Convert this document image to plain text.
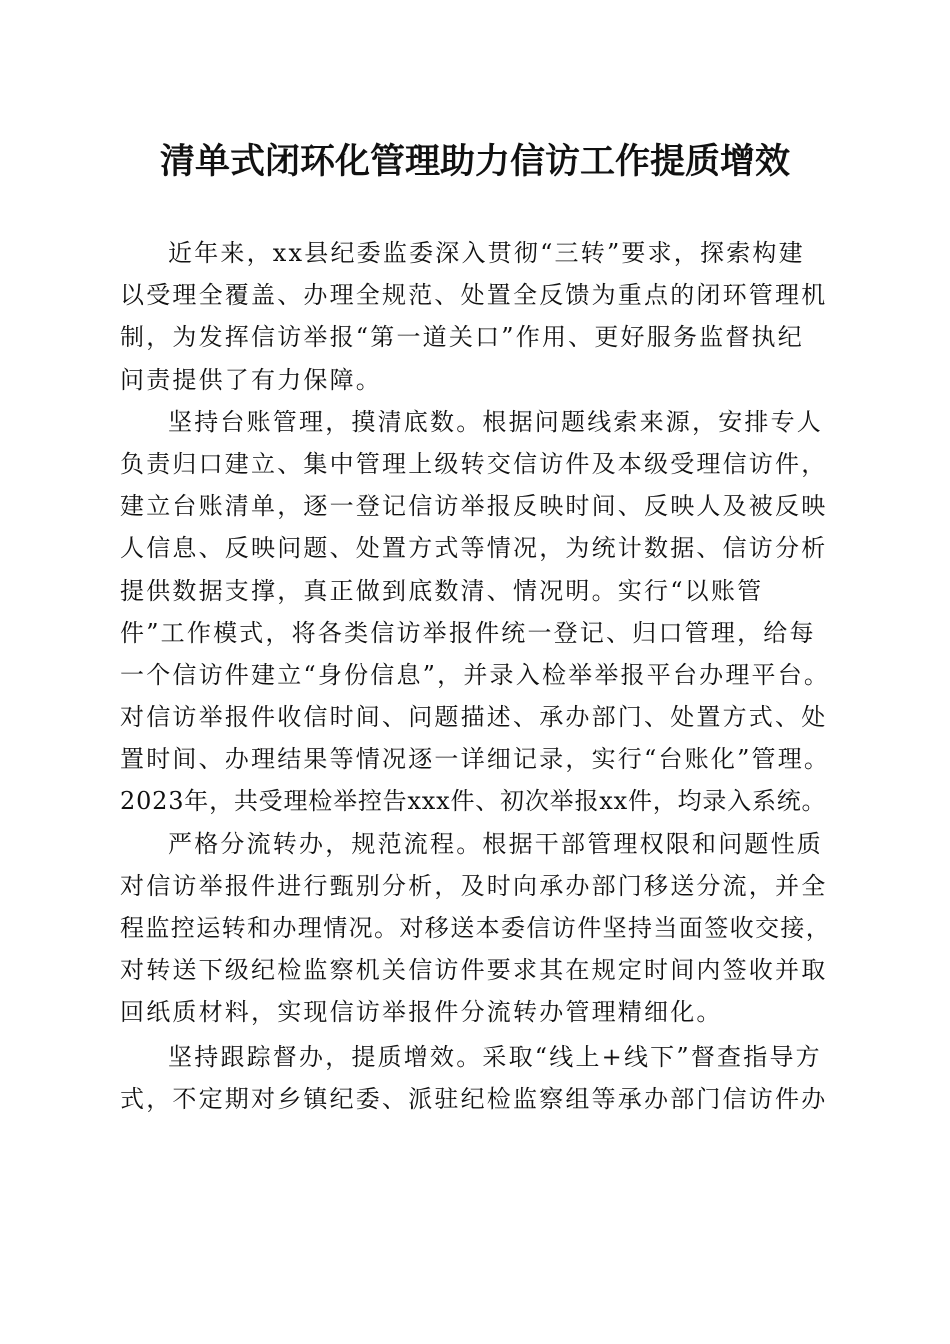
清单式闭环化管理助力信访工作提质增效
近年来，xx县纪委监委深入贯彻“三转”要求，探索构建
以受理全覆盖、办理全规范、处置全反馈为重点的闭环管理机
制，为发挥信访举报“第一道关口”作用、更好服务监督执纪
问责提供了有力保障。
坚持台账管理，摸清底数。根据问题线索来源，安排专人
负责归口建立、集中管理上级转交信访件及本级受理信访件，
建立台账清单，逐一登记信访举报反映时间、反映人及被反映
人信息、反映问题、处置方式等情况，为统计数据、信访分析
提供数据支撑，真正做到底数清、情况明。实行“以账管
件”工作模式，将各类信访举报件统一登记、归口管理，给每
一个信访件建立“身份信息”，并录入检举举报平台办理平台。
对信访举报件收信时间、问题描述、承办部门、处置方式、处
置时间、办理结果等情况逐一详细记录，实行“台账化”管理。
2023年，共受理检举控告xxx件、初次举报xx件，均录入系统。
严格分流转办，规范流程。根据干部管理权限和问题性质
对信访举报件进行甄别分析，及时向承办部门移送分流，并全
程监控运转和办理情况。对移送本委信访件坚持当面签收交接，
对转送下级纪检监察机关信访件要求其在规定时间内签收并取
回纸质材料，实现信访举报件分流转办管理精细化。
坚持跟踪督办，提质增效。采取“线上+线下”督查指导方
式，不定期对乡镇纪委、派驻纪检监察组等承办部门信访件办
